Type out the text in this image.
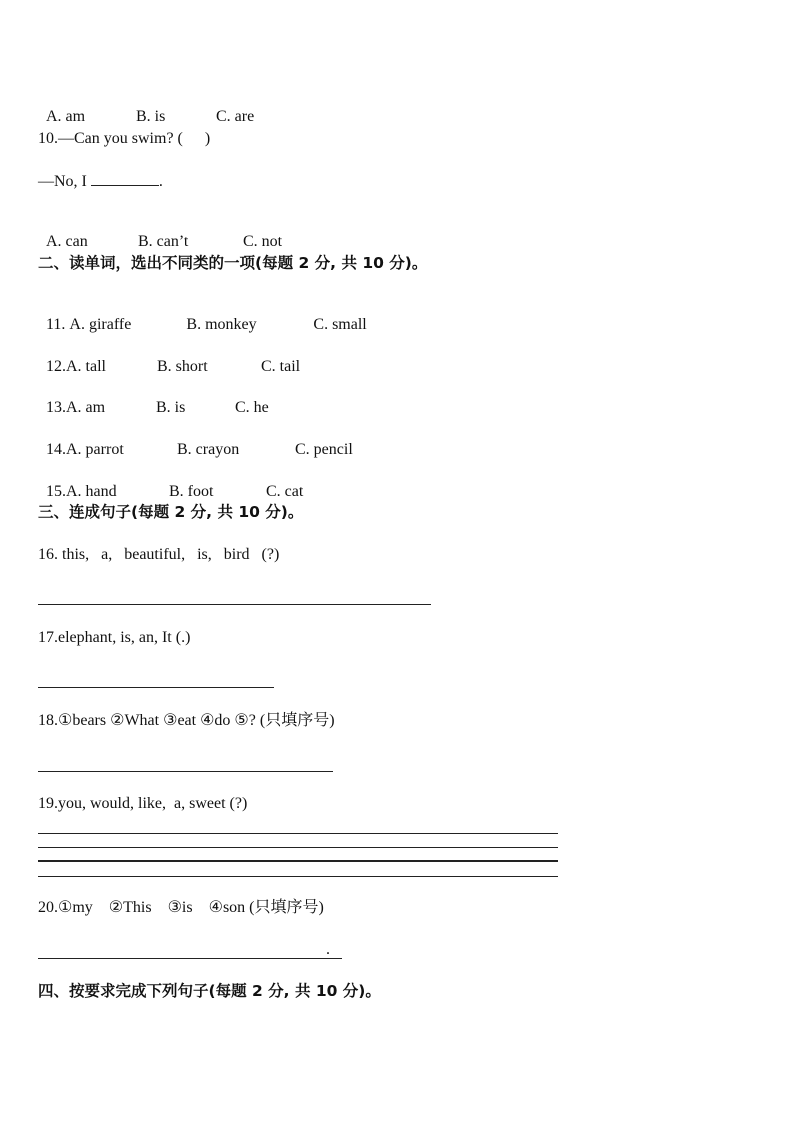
A. am	B. is	C. are

10.—Can you swim? ( )
—No, I	.

A. can	B. can’t	C. not

二、读单词，选出不同类的一项(每题 2 分, 共 10 分)。

11. A. giraffe	B. monkey	C. small

12.A. tall	B. short	C. tail

13.A. am	B. is	C. he

14.A. parrot	B. crayon	C. pencil

15.A. hand	B. foot	C. cat

三、连成句子(每题 2 分, 共 10 分)。
16. this,   a,   beautiful,   is,   bird   (?)
17.elephant, is, an, It (.)
18.①bears ②What ③eat ④do ⑤? (只填序号)
19.you, would, like,  a, sweet (?)
20.①my    ②This    ③is    ④son (只填序号)
.
四、按要求完成下列句子(每题 2 分, 共 10 分)。
